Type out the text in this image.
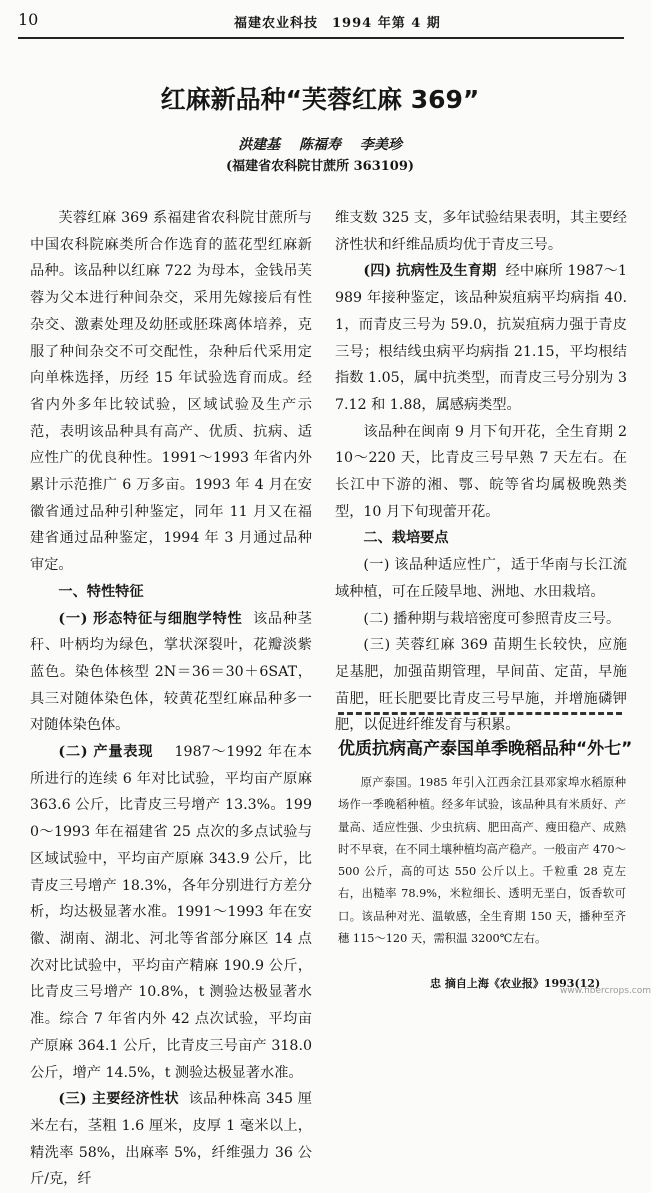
10	福建农业科技 1994 年第 4 期
红麻新品种“芙蓉红麻 369”
洪建基 陈福寿 李美珍
(福建省农科院甘蔗所 363109)

芙蓉红麻 369 系福建省农科院甘蔗所与中国农科院麻类所合作选育的蓝花型红麻新品种。该品种以红麻 722 为母本，金钱吊芙蓉为父本进行种间杂交，采用先嫁接后有性杂交、激素处理及幼胚或胚珠离体培养，克服了种间杂交不可交配性，杂种后代采用定向单株选择，历经 15 年试验选育而成。经省内外多年比较试验，区域试验及生产示范，表明该品种具有高产、优质、抗病、适应性广的优良种性。1991～1993 年省内外累计示范推广 6 万多亩。1993 年 4 月在安徽省通过品种引种鉴定，同年 11 月又在福建省通过品种鉴定，1994 年 3 月通过品种审定。

一、特性特征

(一) 形态特征与细胞学特性 该品种茎秆、叶柄均为绿色，掌状深裂叶，花瓣淡紫蓝色。染色体核型 2N＝36＝30＋6SAT，具三对随体染色体，较黄花型红麻品种多一对随体染色体。

(二) 产量表现 1987～1992 年在本所进行的连续 6 年对比试验，平均亩产原麻 363.6 公斤，比青皮三号增产 13.3%。1990～1993 年在福建省 25 点次的多点试验与区域试验中，平均亩产原麻 343.9 公斤，比青皮三号增产 18.3%，各年分别进行方差分析，均达极显著水准。1991～1993 年在安徽、湖南、湖北、河北等省部分麻区 14 点次对比试验中，平均亩产精麻 190.9 公斤，比青皮三号增产 10.8%，t 测验达极显著水准。综合 7 年省内外 42 点次试验，平均亩产原麻 364.1 公斤，比青皮三号亩产 318.0 公斤，增产 14.5%，t 测验达极显著水准。

(三) 主要经济性状 该品种株高 345 厘米左右，茎粗 1.6 厘米，皮厚 1 毫米以上，精洗率 58%，出麻率 5%，纤维强力 36 公斤/克，纤

维支数 325 支，多年试验结果表明，其主要经济性状和纤维品质均优于青皮三号。

(四) 抗病性及生育期 经中麻所 1987～1989 年接种鉴定，该品种炭疽病平均病指 40.1，而青皮三号为 59.0，抗炭疽病力强于青皮三号；根结线虫病平均病指 21.15，平均根结指数 1.05，属中抗类型，而青皮三号分别为 37.12 和 1.88，属感病类型。

该品种在闽南 9 月下旬开花，全生育期 210～220 天，比青皮三号早熟 7 天左右。在长江中下游的湘、鄂、皖等省均属极晚熟类型，10 月下旬现蕾开花。

二、栽培要点

(一) 该品种适应性广，适于华南与长江流域种植，可在丘陵旱地、洲地、水田栽培。

(二) 播种期与栽培密度可参照青皮三号。

(三) 芙蓉红麻 369 苗期生长较快，应施足基肥，加强苗期管理，早间苗、定苗，早施苗肥，旺长肥要比青皮三号早施，并增施磷钾肥，以促进纤维发育与积累。

优质抗病高产泰国单季晚稻品种“外七”

原产泰国。1985 年引入江西余江县邓家埠水稻原种场作一季晚稻种植。经多年试验，该品种具有米质好、产量高、适应性强、少虫抗病、肥田高产、瘦田稳产、成熟时不早衰，在不同土壤种植均高产稳产。一般亩产 470～500 公斤，高的可达 550 公斤以上。千粒重 28 克左右，出糙率 78.9%，米粒细长、透明无垩白，饭香软可口。该品种对光、温敏感，全生育期 150 天，播种至齐穗 115～120 天，需积温 3200℃左右。

忠 摘自上海《农业报》1993(12)
www.fibercrops.com
